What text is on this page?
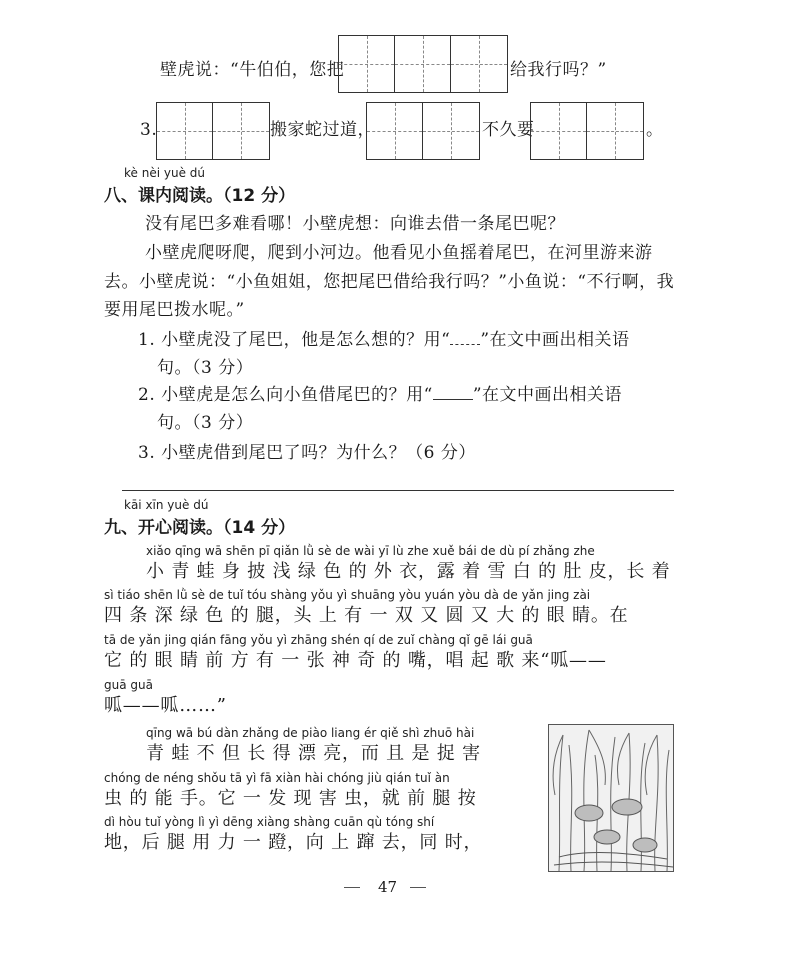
壁虎说：“牛伯伯，您把	给我行吗？”
3.	搬家蛇过道，	不久要	。
kè nèi yuè dú
八、课内阅读。（12 分）
没有尾巴多难看哪！小壁虎想：向谁去借一条尾巴呢？
小壁虎爬呀爬，爬到小河边。他看见小鱼摇着尾巴，在河里游来游
去。小壁虎说：“小鱼姐姐，您把尾巴借给我行吗？”小鱼说：“不行啊，我
要用尾巴拨水呢。”
1. 小壁虎没了尾巴，他是怎么想的？用“ ”在文中画出相关语
句。（3 分）
2. 小壁虎是怎么向小鱼借尾巴的？用“ ”在文中画出相关语
句。（3 分）
3. 小壁虎借到尾巴了吗？为什么？（6 分）
kāi xīn yuè dú
九、开心阅读。（14 分）
xiǎo qīng wā shēn pī qiǎn lǜ sè de wài yī lù zhe xuě bái de dù pí zhǎng zhe
小 青 蛙 身 披 浅 绿 色 的 外 衣，露 着 雪 白 的 肚 皮，长 着
sì tiáo shēn lǜ sè de tuǐ tóu shàng yǒu yì shuāng yòu yuán yòu dà de yǎn jing zài
四 条 深 绿 色 的 腿，头 上 有 一 双 又 圆 又 大 的 眼 睛。在
tā de yǎn jing qián fāng yǒu yì zhāng shén qí de zuǐ chàng qǐ gē lái guā
它 的 眼 睛 前 方 有 一 张 神 奇 的 嘴，唱 起 歌 来“呱——
guā guā
呱——呱……”
qīng wā bú dàn zhǎng de piào liang ér qiě shì zhuō hài
青 蛙 不 但 长 得 漂 亮，而 且 是 捉 害
chóng de néng shǒu tā yì fā xiàn hài chóng jiù qián tuǐ àn
虫 的 能 手。它 一 发 现 害 虫，就 前 腿 按
dì hòu tuǐ yòng lì yì dēng xiàng shàng cuān qù tóng shí
地，后 腿 用 力 一 蹬，向 上 蹿 去，同 时，
47
